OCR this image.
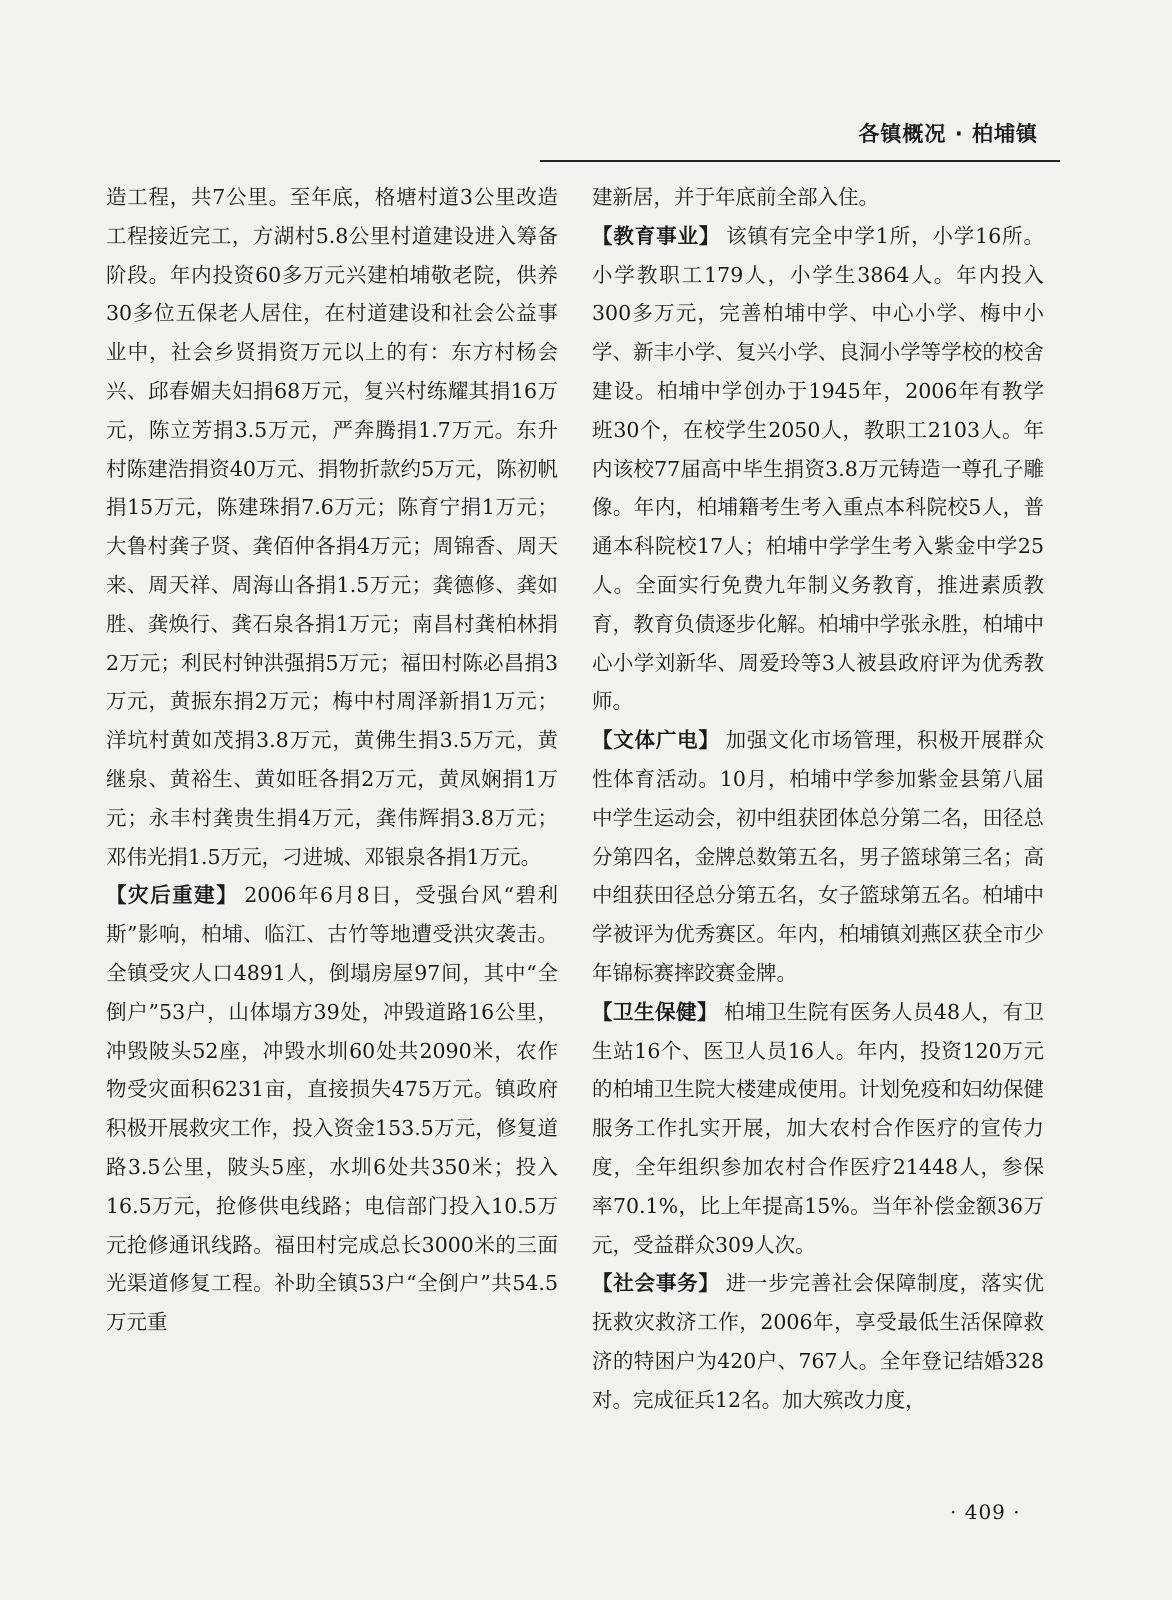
各镇概况 · 柏埔镇

造工程，共7公里。至年底，格塘村道3公里改造工程接近完工，方湖村5.8公里村道建设进入筹备阶段。年内投资60多万元兴建柏埔敬老院，供养30多位五保老人居住，在村道建设和社会公益事业中，社会乡贤捐资万元以上的有：东方村杨会兴、邱春媚夫妇捐68万元，复兴村练耀其捐16万元，陈立芳捐3.5万元，严奔腾捐1.7万元。东升村陈建浩捐资40万元、捐物折款约5万元，陈初帆捐15万元，陈建珠捐7.6万元；陈育宁捐1万元；大鲁村龚子贤、龚佰仲各捐4万元；周锦香、周天来、周天祥、周海山各捐1.5万元；龚德修、龚如胜、龚焕行、龚石泉各捐1万元；南昌村龚柏林捐2万元；利民村钟洪强捐5万元；福田村陈必昌捐3万元，黄振东捐2万元；梅中村周泽新捐1万元；洋坑村黄如茂捐3.8万元，黄佛生捐3.5万元，黄继泉、黄裕生、黄如旺各捐2万元，黄凤娴捐1万元；永丰村龚贵生捐4万元，龚伟辉捐3.8万元；邓伟光捐1.5万元，刁进城、邓银泉各捐1万元。

【灾后重建】 2006年6月8日，受强台风“碧利斯”影响，柏埔、临江、古竹等地遭受洪灾袭击。全镇受灾人口4891人，倒塌房屋97间，其中“全倒户”53户，山体塌方39处，冲毁道路16公里，冲毁陂头52座，冲毁水圳60处共2090米，农作物受灾面积6231亩，直接损失475万元。镇政府积极开展救灾工作，投入资金153.5万元，修复道路3.5公里，陂头5座，水圳6处共350米；投入16.5万元，抢修供电线路；电信部门投入10.5万元抢修通讯线路。福田村完成总长3000米的三面光渠道修复工程。补助全镇53户“全倒户”共54.5万元重

建新居，并于年底前全部入住。

【教育事业】 该镇有完全中学1所，小学16所。小学教职工179人，小学生3864人。年内投入300多万元，完善柏埔中学、中心小学、梅中小学、新丰小学、复兴小学、良洞小学等学校的校舍建设。柏埔中学创办于1945年，2006年有教学班30个，在校学生2050人，教职工2103人。年内该校77届高中毕生捐资3.8万元铸造一尊孔子雕像。年内，柏埔籍考生考入重点本科院校5人，普通本科院校17人；柏埔中学学生考入紫金中学25人。全面实行免费九年制义务教育，推进素质教育，教育负债逐步化解。柏埔中学张永胜，柏埔中心小学刘新华、周爱玲等3人被县政府评为优秀教师。

【文体广电】 加强文化市场管理，积极开展群众性体育活动。10月，柏埔中学参加紫金县第八届中学生运动会，初中组获团体总分第二名，田径总分第四名，金牌总数第五名，男子篮球第三名；高中组获田径总分第五名，女子篮球第五名。柏埔中学被评为优秀赛区。年内，柏埔镇刘燕区获全市少年锦标赛摔跤赛金牌。

【卫生保健】 柏埔卫生院有医务人员48人，有卫生站16个、医卫人员16人。年内，投资120万元的柏埔卫生院大楼建成使用。计划免疫和妇幼保健服务工作扎实开展，加大农村合作医疗的宣传力度，全年组织参加农村合作医疗21448人，参保率70.1%，比上年提高15%。当年补偿金额36万元，受益群众309人次。

【社会事务】 进一步完善社会保障制度，落实优抚救灾救济工作，2006年，享受最低生活保障救济的特困户为420户、767人。全年登记结婚328对。完成征兵12名。加大殡改力度，

· 409 ·
